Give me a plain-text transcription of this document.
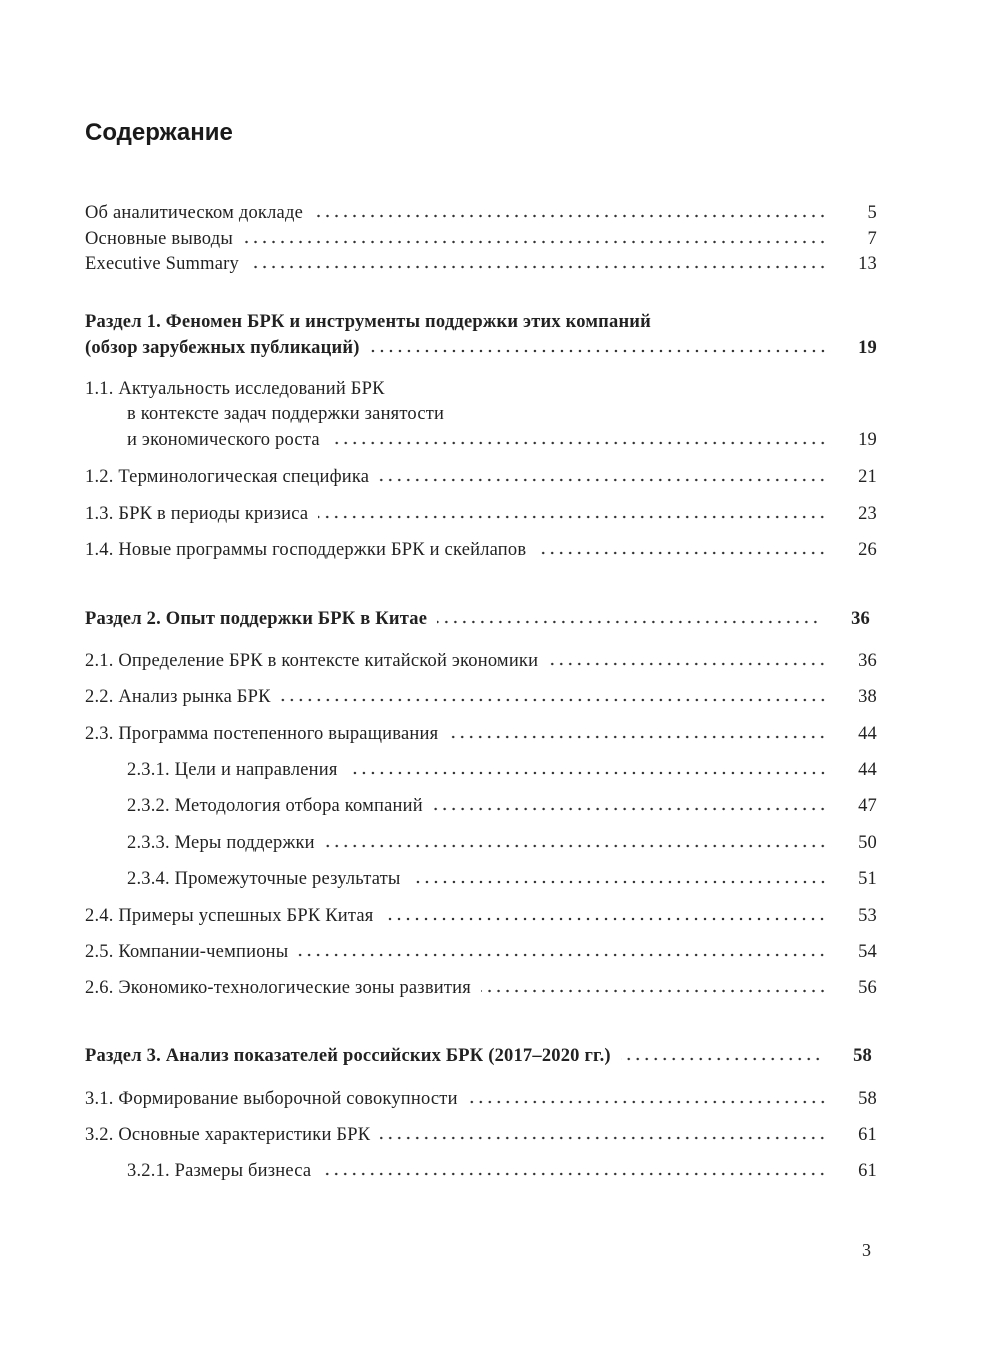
Содержание
Об аналитическом докладе	5
Основные выводы	7
Executive Summary	13
Раздел 1. Феномен БРК и инструменты поддержки этих компаний
(обзор зарубежных публикаций)	19
1.1. Актуальность исследований БРК
в контексте задач поддержки занятости
и экономического роста	19
1.2. Терминологическая специфика	21
1.3. БРК в периоды кризиса	23
1.4. Новые программы господдержки БРК и скейлапов	26
Раздел 2. Опыт поддержки БРК в Китае	36
2.1. Определение БРК в контексте китайской экономики	36
2.2. Анализ рынка БРК	38
2.3. Программа постепенного выращивания	44
2.3.1. Цели и направления	44
2.3.2. Методология отбора компаний	47
2.3.3. Меры поддержки	50
2.3.4. Промежуточные результаты	51
2.4. Примеры успешных БРК Китая	53
2.5. Компании-чемпионы	54
2.6. Экономико-технологические зоны развития	56
Раздел 3. Анализ показателей российских БРК (2017–2020 гг.)	58
3.1. Формирование выборочной совокупности	58
3.2. Основные характеристики БРК	61
3.2.1. Размеры бизнеса	61
3
